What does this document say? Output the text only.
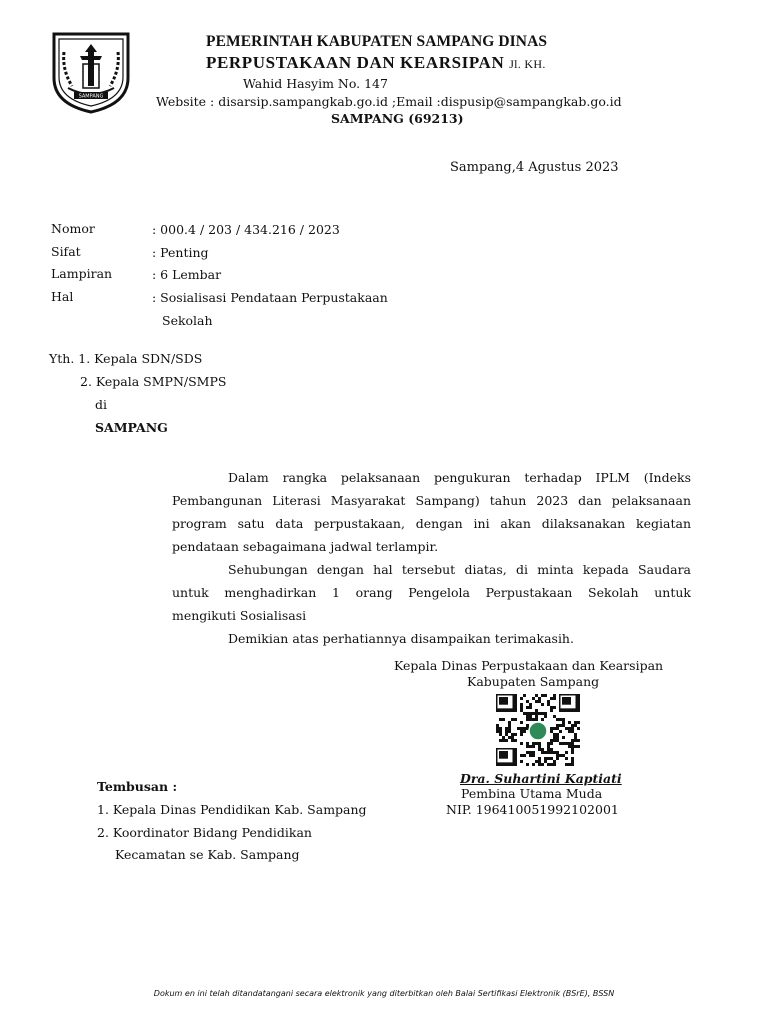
SAMPANG
PEMERINTAH KABUPATEN SAMPANG DINAS
PERPUSTAKAAN DAN KEARSIPAN Jl. KH.
Wahid Hasyim No. 147
Website : disarsip.sampangkab.go.id ;Email :dispusip@sampangkab.go.id
SAMPANG (69213)
Sampang,4 Agustus 2023
Nomor	: 000.4 / 203 / 434.216 / 2023
Sifat	: Penting
Lampiran	: 6 Lembar
Hal	: Sosialisasi Pendataan Perpustakaan
Sekolah
Yth. 1. Kepala SDN/SDS
2. Kepala SMPN/SMPS
di
SAMPANG
Dalam rangka pelaksanaan pengukuran terhadap IPLM (Indeks
Pembangunan Literasi Masyarakat Sampang) tahun 2023 dan pelaksanaan
program satu data perpustakaan, dengan ini akan dilaksanakan kegiatan
pendataan sebagaimana jadwal terlampir.
Sehubungan dengan hal tersebut diatas, di minta kepada Saudara
untuk menghadirkan 1 orang Pengelola Perpustakaan Sekolah untuk
mengikuti Sosialisasi
Demikian atas perhatiannya disampaikan terimakasih.
Kepala Dinas Perpustakaan dan Kearsipan
Kabupaten Sampang
Dra. Suhartini Kaptiati
Pembina Utama Muda
NIP. 196410051992102001
Tembusan :
1. Kepala Dinas Pendidikan Kab. Sampang
2. Koordinator Bidang Pendidikan
Kecamatan se Kab. Sampang
Dokum en ini telah ditandatangani secara elektronik yang diterbitkan oleh Balai Sertifikasi Elektronik (BSrE), BSSN
